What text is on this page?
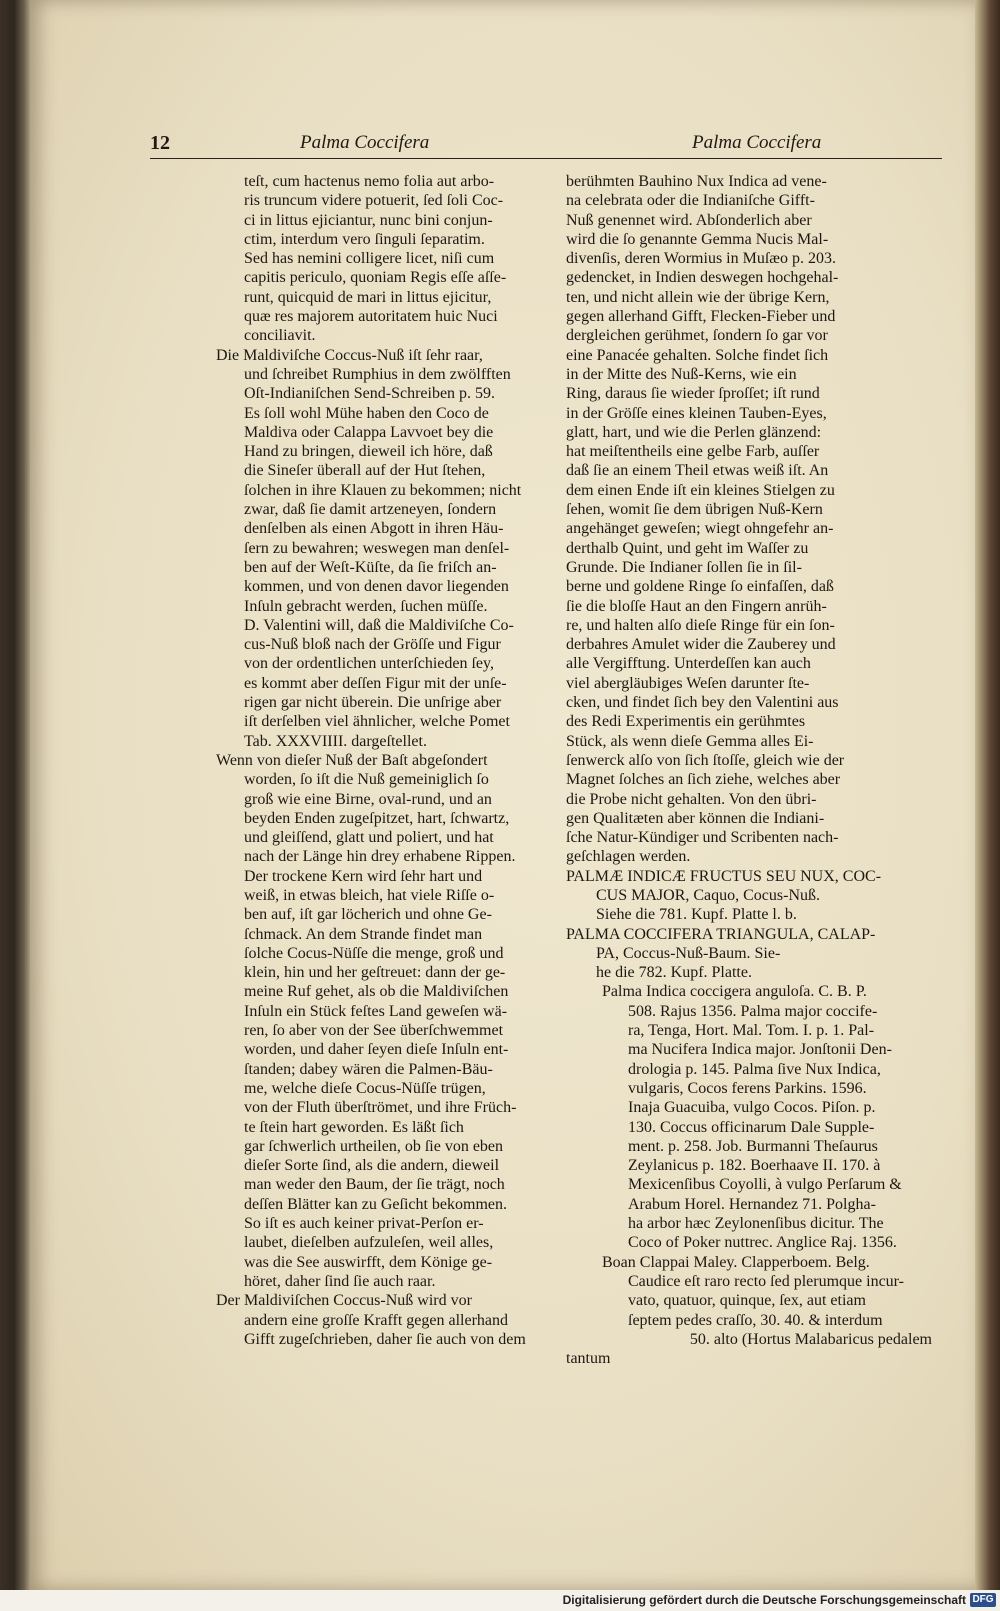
12	Palma Coccifera	Palma Coccifera
teſt, cum hactenus nemo folia aut arbo-
ris truncum videre potuerit, ſed ſoli Coc-
ci in littus ejiciantur, nunc bini conjun-
ctim, interdum vero ſinguli ſeparatim.
Sed has nemini colligere licet, niſi cum
capitis periculo, quoniam Regis eſſe aſſe-
runt, quicquid de mari in littus ejicitur,
quæ res majorem autoritatem huic Nuci
conciliavit.
Die Maldiviſche Coccus-Nuß iſt ſehr raar,
und ſchreibet Rumphius in dem zwölfften
Oſt-Indianiſchen Send-Schreiben p. 59.
Es ſoll wohl Mühe haben den Coco de
Maldiva oder Calappa Lavvoet bey die
Hand zu bringen, dieweil ich höre, daß
die Sineſer überall auf der Hut ſtehen,
ſolchen in ihre Klauen zu bekommen; nicht
zwar, daß ſie damit artzeneyen, ſondern
denſelben als einen Abgott in ihren Häu-
ſern zu bewahren; weswegen man denſel-
ben auf der Weſt-Küſte, da ſie friſch an-
kommen, und von denen davor liegenden
Inſuln gebracht werden, ſuchen müſſe.
D. Valentini will, daß die Maldiviſche Co-
cus-Nuß bloß nach der Gröſſe und Figur
von der ordentlichen unterſchieden ſey,
es kommt aber deſſen Figur mit der unſe-
rigen gar nicht überein. Die unſrige aber
iſt derſelben viel ähnlicher, welche Pomet
Tab. XXXVIIII. dargeſtellet.
Wenn von dieſer Nuß der Baſt abgeſondert
worden, ſo iſt die Nuß gemeiniglich ſo
groß wie eine Birne, oval-rund, und an
beyden Enden zugeſpitzet, hart, ſchwartz,
und gleiſſend, glatt und poliert, und hat
nach der Länge hin drey erhabene Rippen.
Der trockene Kern wird ſehr hart und
weiß, in etwas bleich, hat viele Riſſe o-
ben auf, iſt gar löcherich und ohne Ge-
ſchmack. An dem Strande findet man
ſolche Cocus-Nüſſe die menge, groß und
klein, hin und her geſtreuet: dann der ge-
meine Ruf gehet, als ob die Maldiviſchen
Inſuln ein Stück feſtes Land geweſen wä-
ren, ſo aber von der See überſchwemmet
worden, und daher ſeyen dieſe Inſuln ent-
ſtanden; dabey wären die Palmen-Bäu-
me, welche dieſe Cocus-Nüſſe trügen,
von der Fluth überſtrömet, und ihre Früch-
te ſtein hart geworden. Es läßt ſich
gar ſchwerlich urtheilen, ob ſie von eben
dieſer Sorte ſind, als die andern, dieweil
man weder den Baum, der ſie trägt, noch
deſſen Blätter kan zu Geſicht bekommen.
So iſt es auch keiner privat-Perſon er-
laubet, dieſelben aufzuleſen, weil alles,
was die See auswirfft, dem Könige ge-
höret, daher ſind ſie auch raar.
Der Maldiviſchen Coccus-Nuß wird vor
andern eine groſſe Krafft gegen allerhand
Gifft zugeſchrieben, daher ſie auch von dem
berühmten Bauhino Nux Indica ad vene-
na celebrata oder die Indianiſche Gifft-
Nuß genennet wird. Abſonderlich aber
wird die ſo genannte Gemma Nucis Mal-
divenſis, deren Wormius in Muſæo p. 203.
gedencket, in Indien deswegen hochgehal-
ten, und nicht allein wie der übrige Kern,
gegen allerhand Gifft, Flecken-Fieber und
dergleichen gerühmet, ſondern ſo gar vor
eine Panacée gehalten. Solche findet ſich
in der Mitte des Nuß-Kerns, wie ein
Ring, daraus ſie wieder ſproſſet; iſt rund
in der Gröſſe eines kleinen Tauben-Eyes,
glatt, hart, und wie die Perlen glänzend:
hat meiſtentheils eine gelbe Farb, auſſer
daß ſie an einem Theil etwas weiß iſt. An
dem einen Ende iſt ein kleines Stielgen zu
ſehen, womit ſie dem übrigen Nuß-Kern
angehänget geweſen; wiegt ohngefehr an-
derthalb Quint, und geht im Waſſer zu
Grunde. Die Indianer ſollen ſie in ſil-
berne und goldene Ringe ſo einfaſſen, daß
ſie die bloſſe Haut an den Fingern anrüh-
re, und halten alſo dieſe Ringe für ein ſon-
derbahres Amulet wider die Zauberey und
alle Vergifftung. Unterdeſſen kan auch
viel abergläubiges Weſen darunter ſte-
cken, und findet ſich bey den Valentini aus
des Redi Experimentis ein gerühmtes
Stück, als wenn dieſe Gemma alles Ei-
ſenwerck alſo von ſich ſtoſſe, gleich wie der
Magnet ſolches an ſich ziehe, welches aber
die Probe nicht gehalten. Von den übri-
gen Qualitæten aber können die Indiani-
ſche Natur-Kündiger und Scribenten nach-
geſchlagen werden.
PALMÆ INDICÆ FRUCTUS SEU NUX, COC-
CUS MAJOR, Caquo, Cocus-Nuß.
Siehe die 781. Kupf. Platte l. b.
PALMA COCCIFERA TRIANGULA, CALAP-
PA, Coccus-Nuß-Baum. Sie-
he die 782. Kupf. Platte.
Palma Indica coccigera anguloſa. C. B. P.
508. Rajus 1356. Palma major coccife-
ra, Tenga, Hort. Mal. Tom. I. p. 1. Pal-
ma Nucifera Indica major. Jonſtonii Den-
drologia p. 145. Palma ſive Nux Indica,
vulgaris, Cocos ferens Parkins. 1596.
Inaja Guacuiba, vulgo Cocos. Piſon. p.
130. Coccus officinarum Dale Supple-
ment. p. 258. Job. Burmanni Theſaurus
Zeylanicus p. 182. Boerhaave II. 170. à
Mexicenſibus Coyolli, à vulgo Perſarum &
Arabum Horel. Hernandez 71. Polgha-
ha arbor hæc Zeylonenſibus dicitur. The
Coco of Poker nuttrec. Anglice Raj. 1356.
Boan Clappai Maley. Clapperboem. Belg.
Caudice eſt raro recto ſed plerumque incur-
vato, quatuor, quinque, ſex, aut etiam
ſeptem pedes craſſo, 30. 40. & interdum
50. alto (Hortus Malabaricus pedalem
tantum
Digitalisierung gefördert durch die Deutsche Forschungsgemeinschaft DFG
